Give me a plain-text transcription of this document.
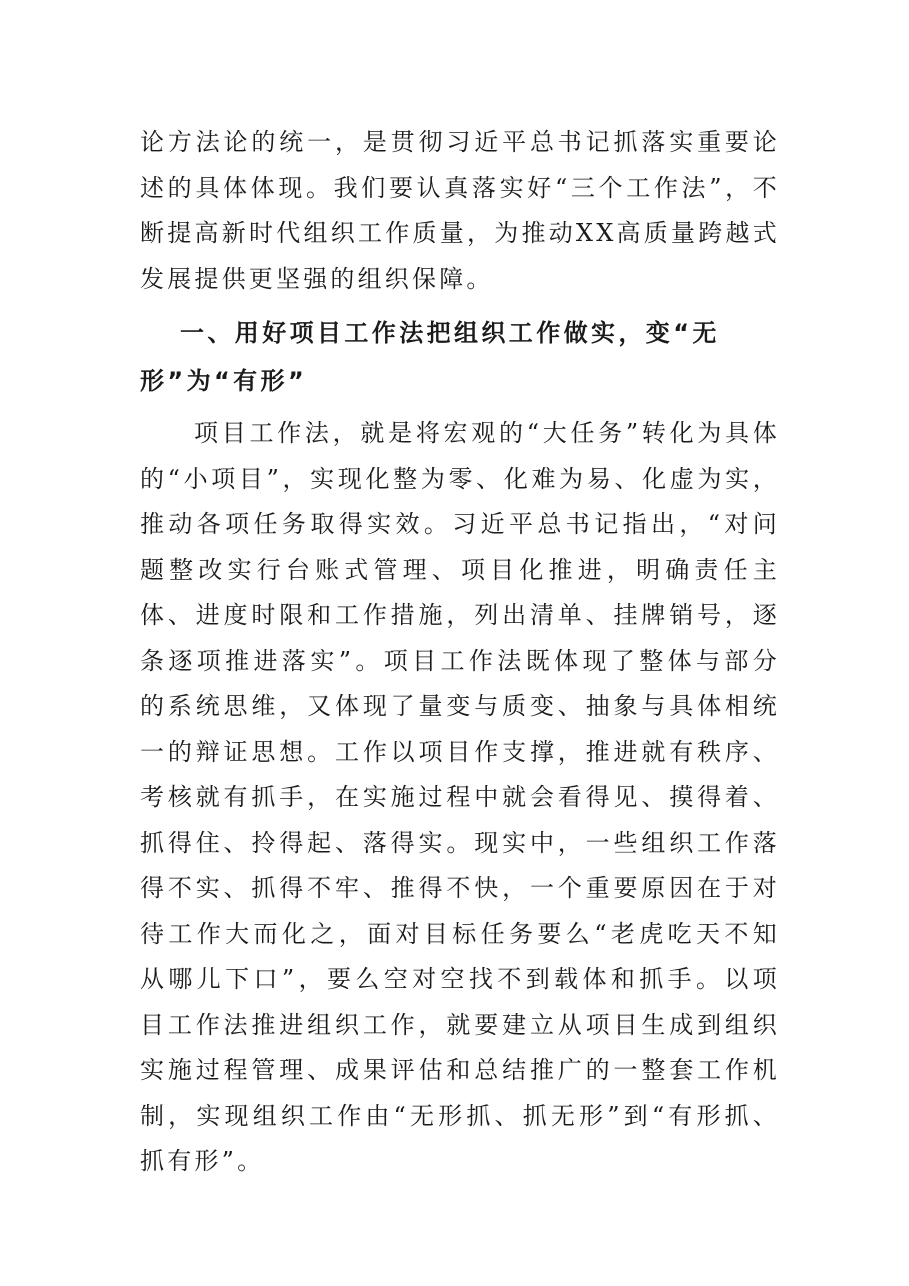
论方法论的统一，是贯彻习近平总书记抓落实重要论述的具体体现。我们要认真落实好“三个工作法”，不断提高新时代组织工作质量，为推动XX高质量跨越式发展提供更坚强的组织保障。

一、用好项目工作法把组织工作做实，变“无形”为“有形”

项目工作法，就是将宏观的“大任务”转化为具体的“小项目”，实现化整为零、化难为易、化虚为实，推动各项任务取得实效。习近平总书记指出，“对问题整改实行台账式管理、项目化推进，明确责任主体、进度时限和工作措施，列出清单、挂牌销号，逐条逐项推进落实”。项目工作法既体现了整体与部分的系统思维，又体现了量变与质变、抽象与具体相统一的辩证思想。工作以项目作支撑，推进就有秩序、考核就有抓手，在实施过程中就会看得见、摸得着、抓得住、拎得起、落得实。现实中，一些组织工作落得不实、抓得不牢、推得不快，一个重要原因在于对待工作大而化之，面对目标任务要么“老虎吃天不知从哪儿下口”，要么空对空找不到载体和抓手。以项目工作法推进组织工作，就要建立从项目生成到组织实施过程管理、成果评估和总结推广的一整套工作机制，实现组织工作由“无形抓、抓无形”到“有形抓、抓有形”。
